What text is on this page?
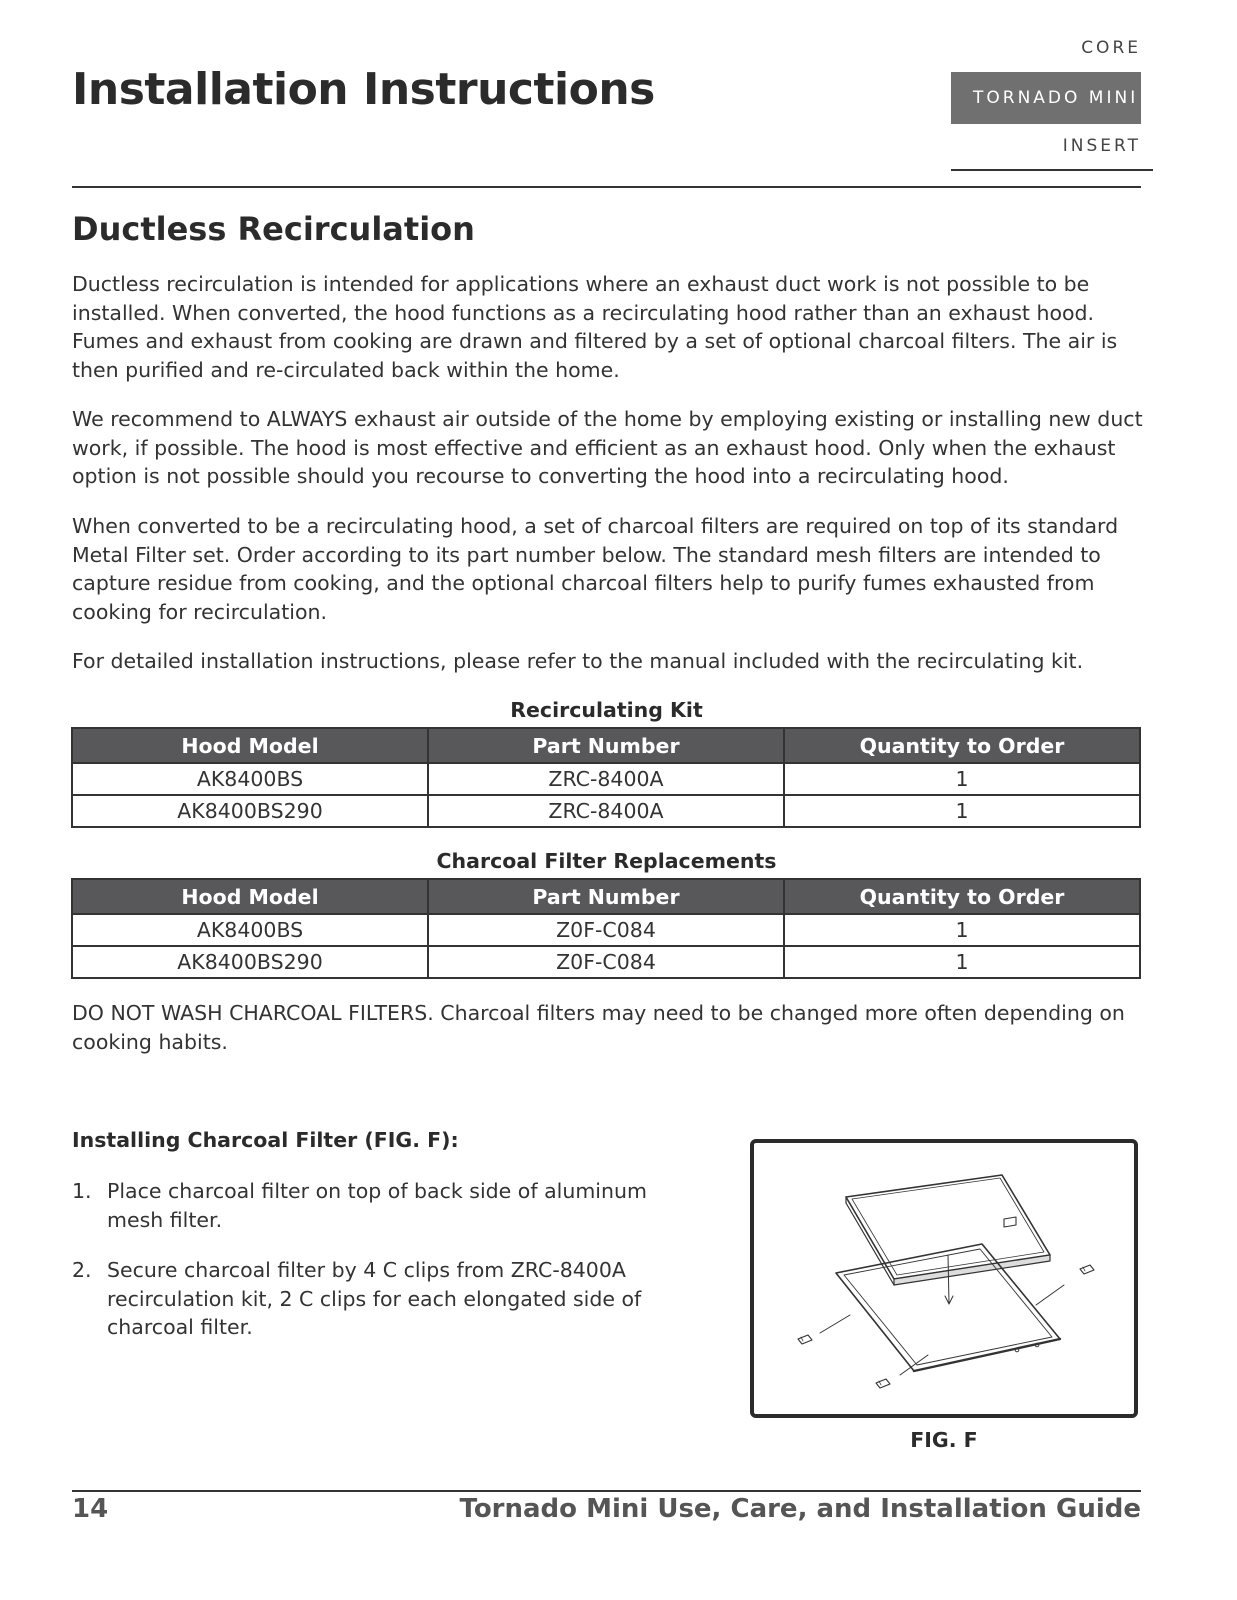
Installation Instructions
CORE
TORNADO MINI
INSERT
Ductless Recirculation
Ductless recirculation is intended for applications where an exhaust duct work is not possible to be installed. When converted, the hood functions as a recirculating hood rather than an exhaust hood. Fumes and exhaust from cooking are drawn and filtered by a set of optional charcoal filters. The air is then purified and re-circulated back within the home.
We recommend to ALWAYS exhaust air outside of the home by employing existing or installing new duct work, if possible. The hood is most effective and efficient as an exhaust hood. Only when the exhaust option is not possible should you recourse to converting the hood into a recirculating hood.
When converted to be a recirculating hood, a set of charcoal filters are required on top of its standard Metal Filter set. Order according to its part number below. The standard mesh filters are intended to capture residue from cooking, and the optional charcoal filters help to purify fumes exhausted from cooking for recirculation.
For detailed installation instructions, please refer to the manual included with the recirculating kit.
Recirculating Kit
Hood Model	Part Number	Quantity to Order
AK8400BS	ZRC-8400A	1
AK8400BS290	ZRC-8400A	1
Charcoal Filter Replacements
Hood Model	Part Number	Quantity to Order
AK8400BS	Z0F-C084	1
AK8400BS290	Z0F-C084	1
DO NOT WASH CHARCOAL FILTERS. Charcoal filters may need to be changed more often depending on cooking habits.
Installing Charcoal Filter (FIG. F):
1. Place charcoal filter on top of back side of aluminum mesh filter.
2. Secure charcoal filter by 4 C clips from ZRC-8400A recirculation kit, 2 C clips for each elongated side of charcoal filter.
FIG. F
14	Tornado Mini Use, Care, and Installation Guide
